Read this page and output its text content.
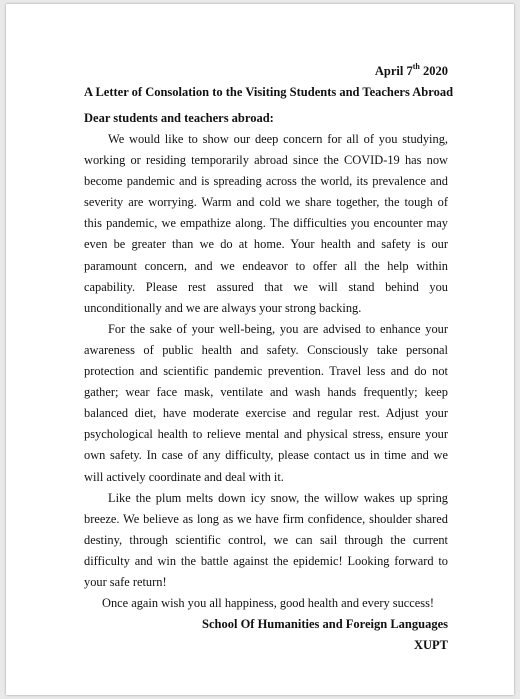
April 7th 2020
A Letter of Consolation to the Visiting Students and Teachers Abroad
Dear students and teachers abroad:

We would like to show our deep concern for all of you studying, working or residing temporarily abroad since the COVID-19 has now become pandemic and is spreading across the world, its prevalence and severity are worrying. Warm and cold we share together, the tough of this pandemic, we empathize along. The difficulties you encounter may even be greater than we do at home. Your health and safety is our paramount concern, and we endeavor to offer all the help within capability. Please rest assured that we will stand behind you unconditionally and we are always your strong backing.

For the sake of your well-being, you are advised to enhance your awareness of public health and safety. Consciously take personal protection and scientific pandemic prevention. Travel less and do not gather; wear face mask, ventilate and wash hands frequently; keep balanced diet, have moderate exercise and regular rest. Adjust your psychological health to relieve mental and physical stress, ensure your own safety. In case of any difficulty, please contact us in time and we will actively coordinate and deal with it.

Like the plum melts down icy snow, the willow wakes up spring breeze. We believe as long as we have firm confidence, shoulder shared destiny, through scientific control, we can sail through the current difficulty and win the battle against the epidemic! Looking forward to your safe return!

Once again wish you all happiness, good health and every success!

School Of Humanities and Foreign Languages
XUPT
